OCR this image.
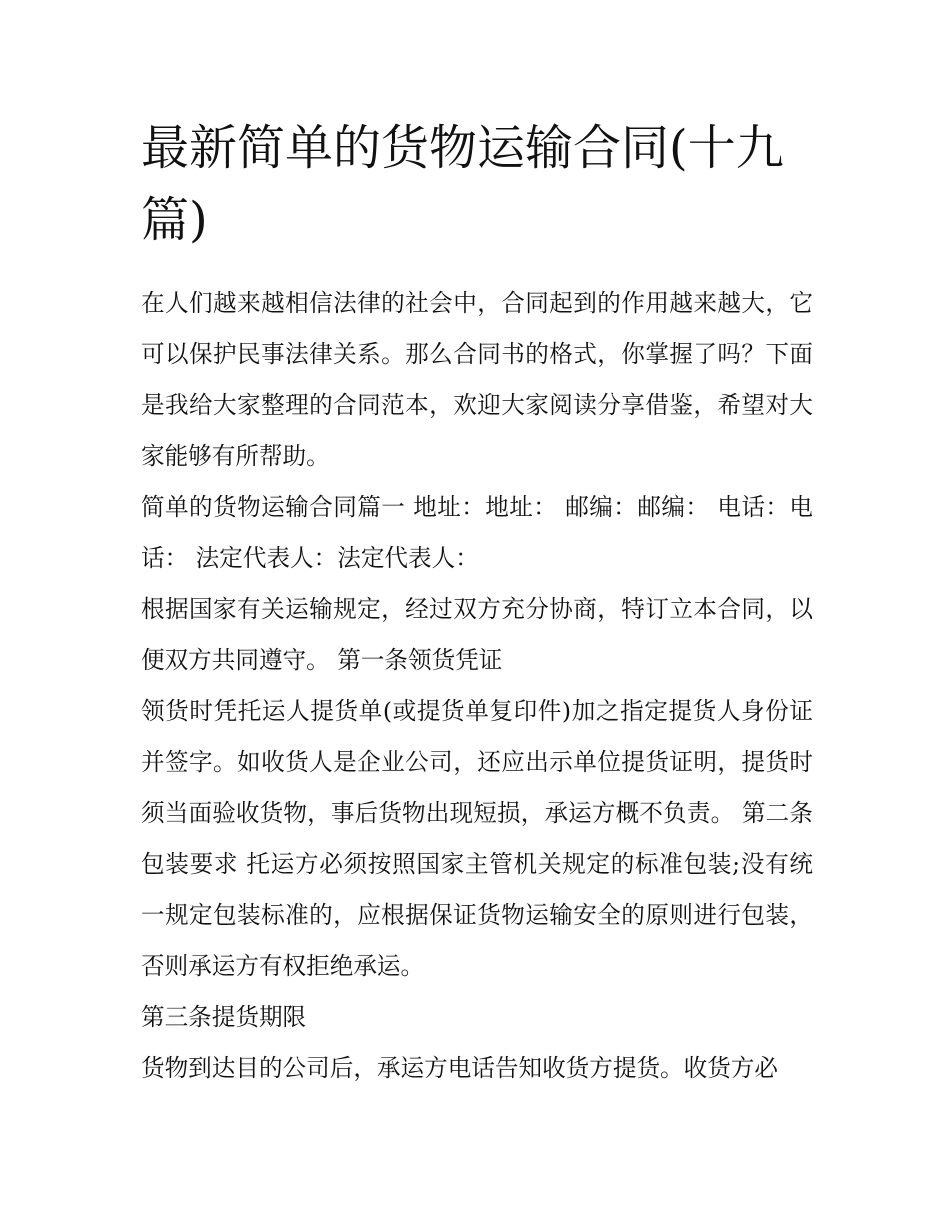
最新简单的货物运输合同(十九篇)

在人们越来越相信法律的社会中，合同起到的作用越来越大，它可以保护民事法律关系。那么合同书的格式，你掌握了吗？下面是我给大家整理的合同范本，欢迎大家阅读分享借鉴，希望对大家能够有所帮助。

简单的货物运输合同篇一 地址：地址： 邮编：邮编： 电话：电话： 法定代表人：法定代表人：

根据国家有关运输规定，经过双方充分协商，特订立本合同，以便双方共同遵守。 第一条领货凭证

领货时凭托运人提货单(或提货单复印件)加之指定提货人身份证并签字。如收货人是企业公司，还应出示单位提货证明，提货时须当面验收货物，事后货物出现短损，承运方概不负责。 第二条包装要求 托运方必须按照国家主管机关规定的标准包装;没有统一规定包装标准的，应根据保证货物运输安全的原则进行包装，否则承运方有权拒绝承运。

第三条提货期限

货物到达目的公司后，承运方电话告知收货方提货。收货方必
